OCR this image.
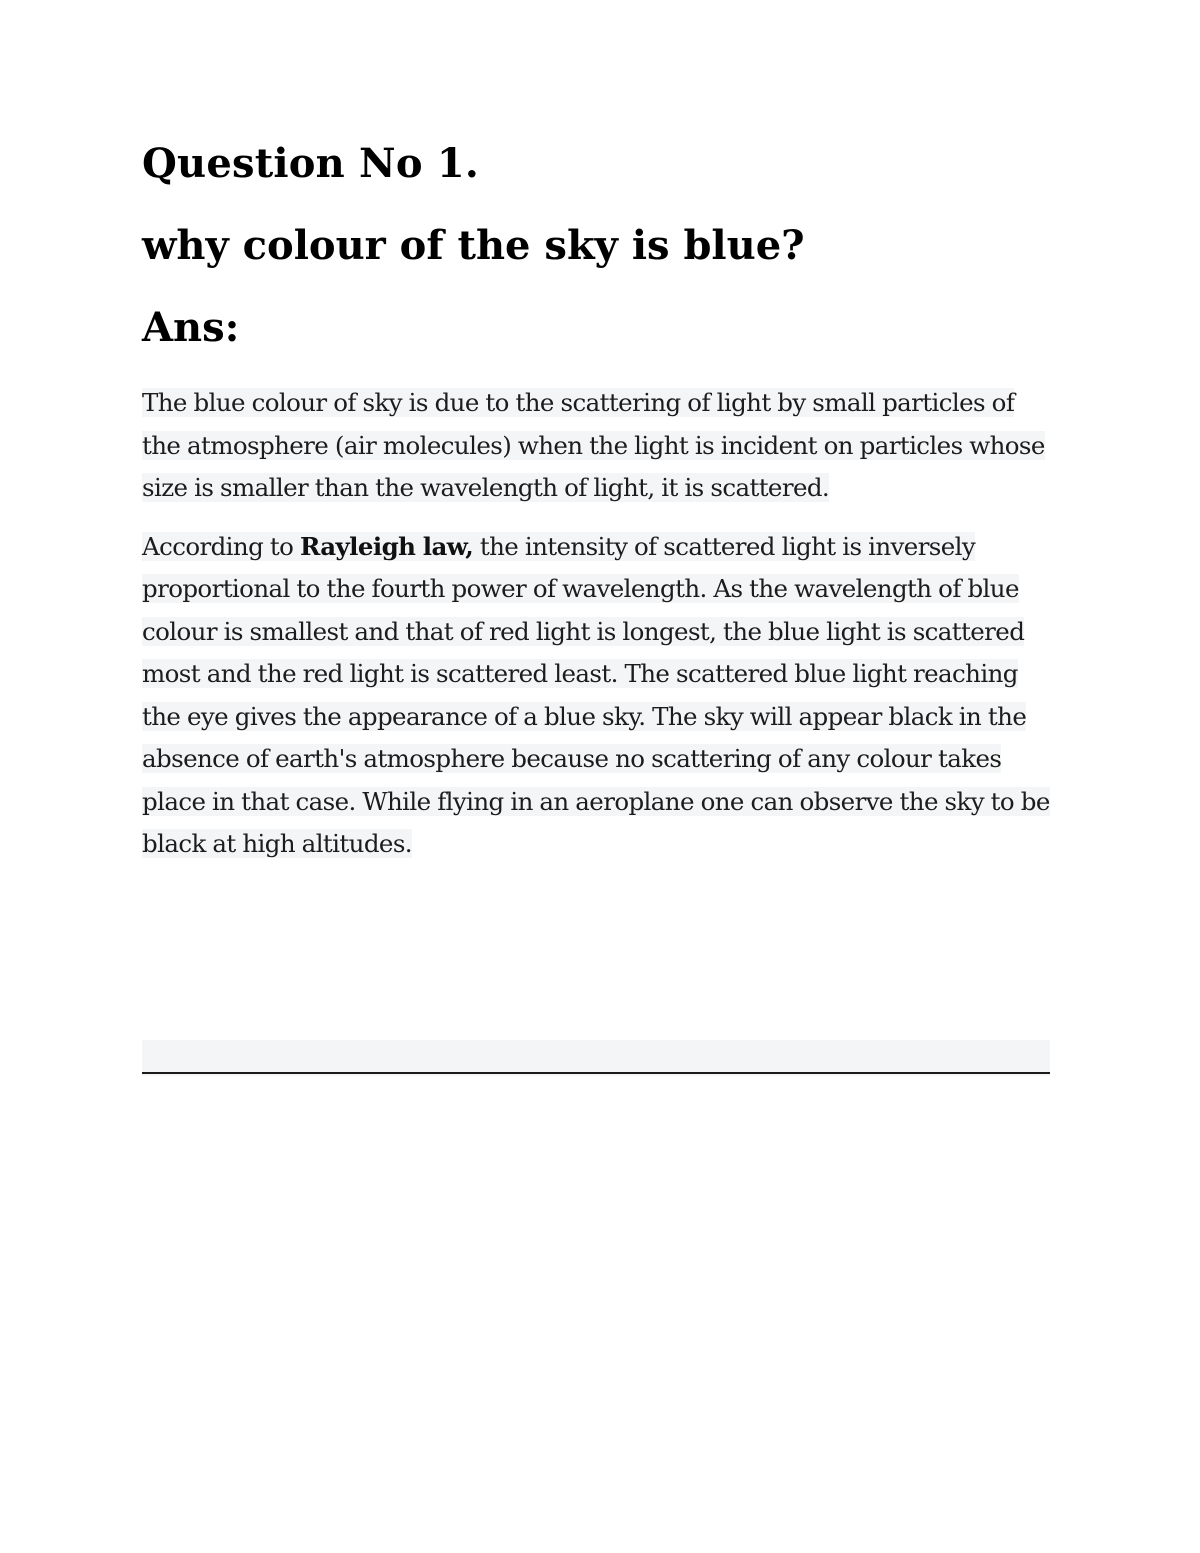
Question No 1.
why colour of the sky is blue?
Ans:

The blue colour of sky is due to the scattering of light by small particles of the atmosphere (air molecules) when the light is incident on particles whose size is smaller than the wavelength of light, it is scattered.

According to Rayleigh law, the intensity of scattered light is inversely proportional to the fourth power of wavelength. As the wavelength of blue colour is smallest and that of red light is longest, the blue light is scattered most and the red light is scattered least. The scattered blue light reaching the eye gives the appearance of a blue sky. The sky will appear black in the absence of earth's atmosphere because no scattering of any colour takes place in that case. While flying in an aeroplane one can observe the sky to be black at high altitudes.
